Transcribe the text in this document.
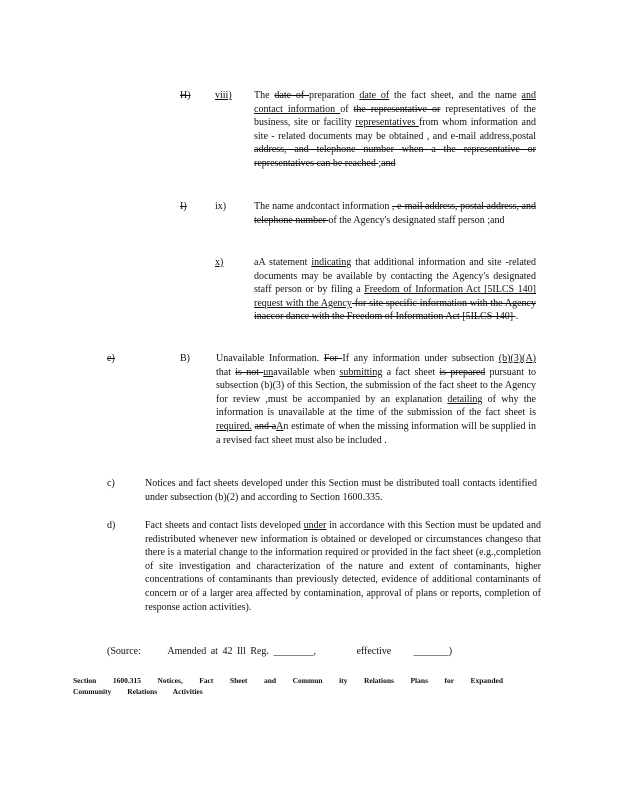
H) viii) The date of preparation date of the fact sheet, and the name and contact information of the representative or representatives of the business, site or facility representatives from whom information and site - related documents may be obtained , and e-mail address,postal address, and telephone number when a the representative or representatives can be reached ;and
I)	ix)	The name andcontact information , e-mail address, postal address, and telephone number of the Agency's designated staff person ;and
x)	aA statement indicating that additional information and site -related documents may be available by contacting the Agency's designated staff person or by filing a Freedom of Information Act [5ILCS 140] request with the Agency for site specific information with the Agency inaccor dance with the Freedom of Information Act [5ILCS 140] .
e)	B)	Unavailable Information. For If any information under subsection (b)(3)(A) that is not unavailable when submitting a fact sheet is prepared pursuant to subsection (b)(3) of this Section, the submission of the fact sheet to the Agency for review ,must be accompanied by an explanation detailing of why the information is unavailable at the time of the submission of the fact sheet is required. and aAn estimate of when the missing information will be supplied in a revised fact sheet must also be included .
c)	Notices and fact sheets developed under this Section must be distributed toall contacts identified under subsection (b)(2) and according to Section 1600.335.
d)	Fact sheets and contact lists developed under in accordance with this Section must be updated and redistributed whenever new information is obtained or developed or circumstances changeso that there is a material change to the information required or provided in the fact sheet (e.g.,completion of site investigation and characterization of the nature and extent of contaminants, higher concentrations of contaminants than previously detected, evidence of additional contaminants of concern or of a larger area affected by contamination, approval of plans or reports, completion of response action activities).
(Source:	Amended at 42 Ill Reg. ________,	effective _______)
Section 1600.315 Notices, Fact Sheet and Commun ity Relations Plans for Expanded Community Relations Activities
